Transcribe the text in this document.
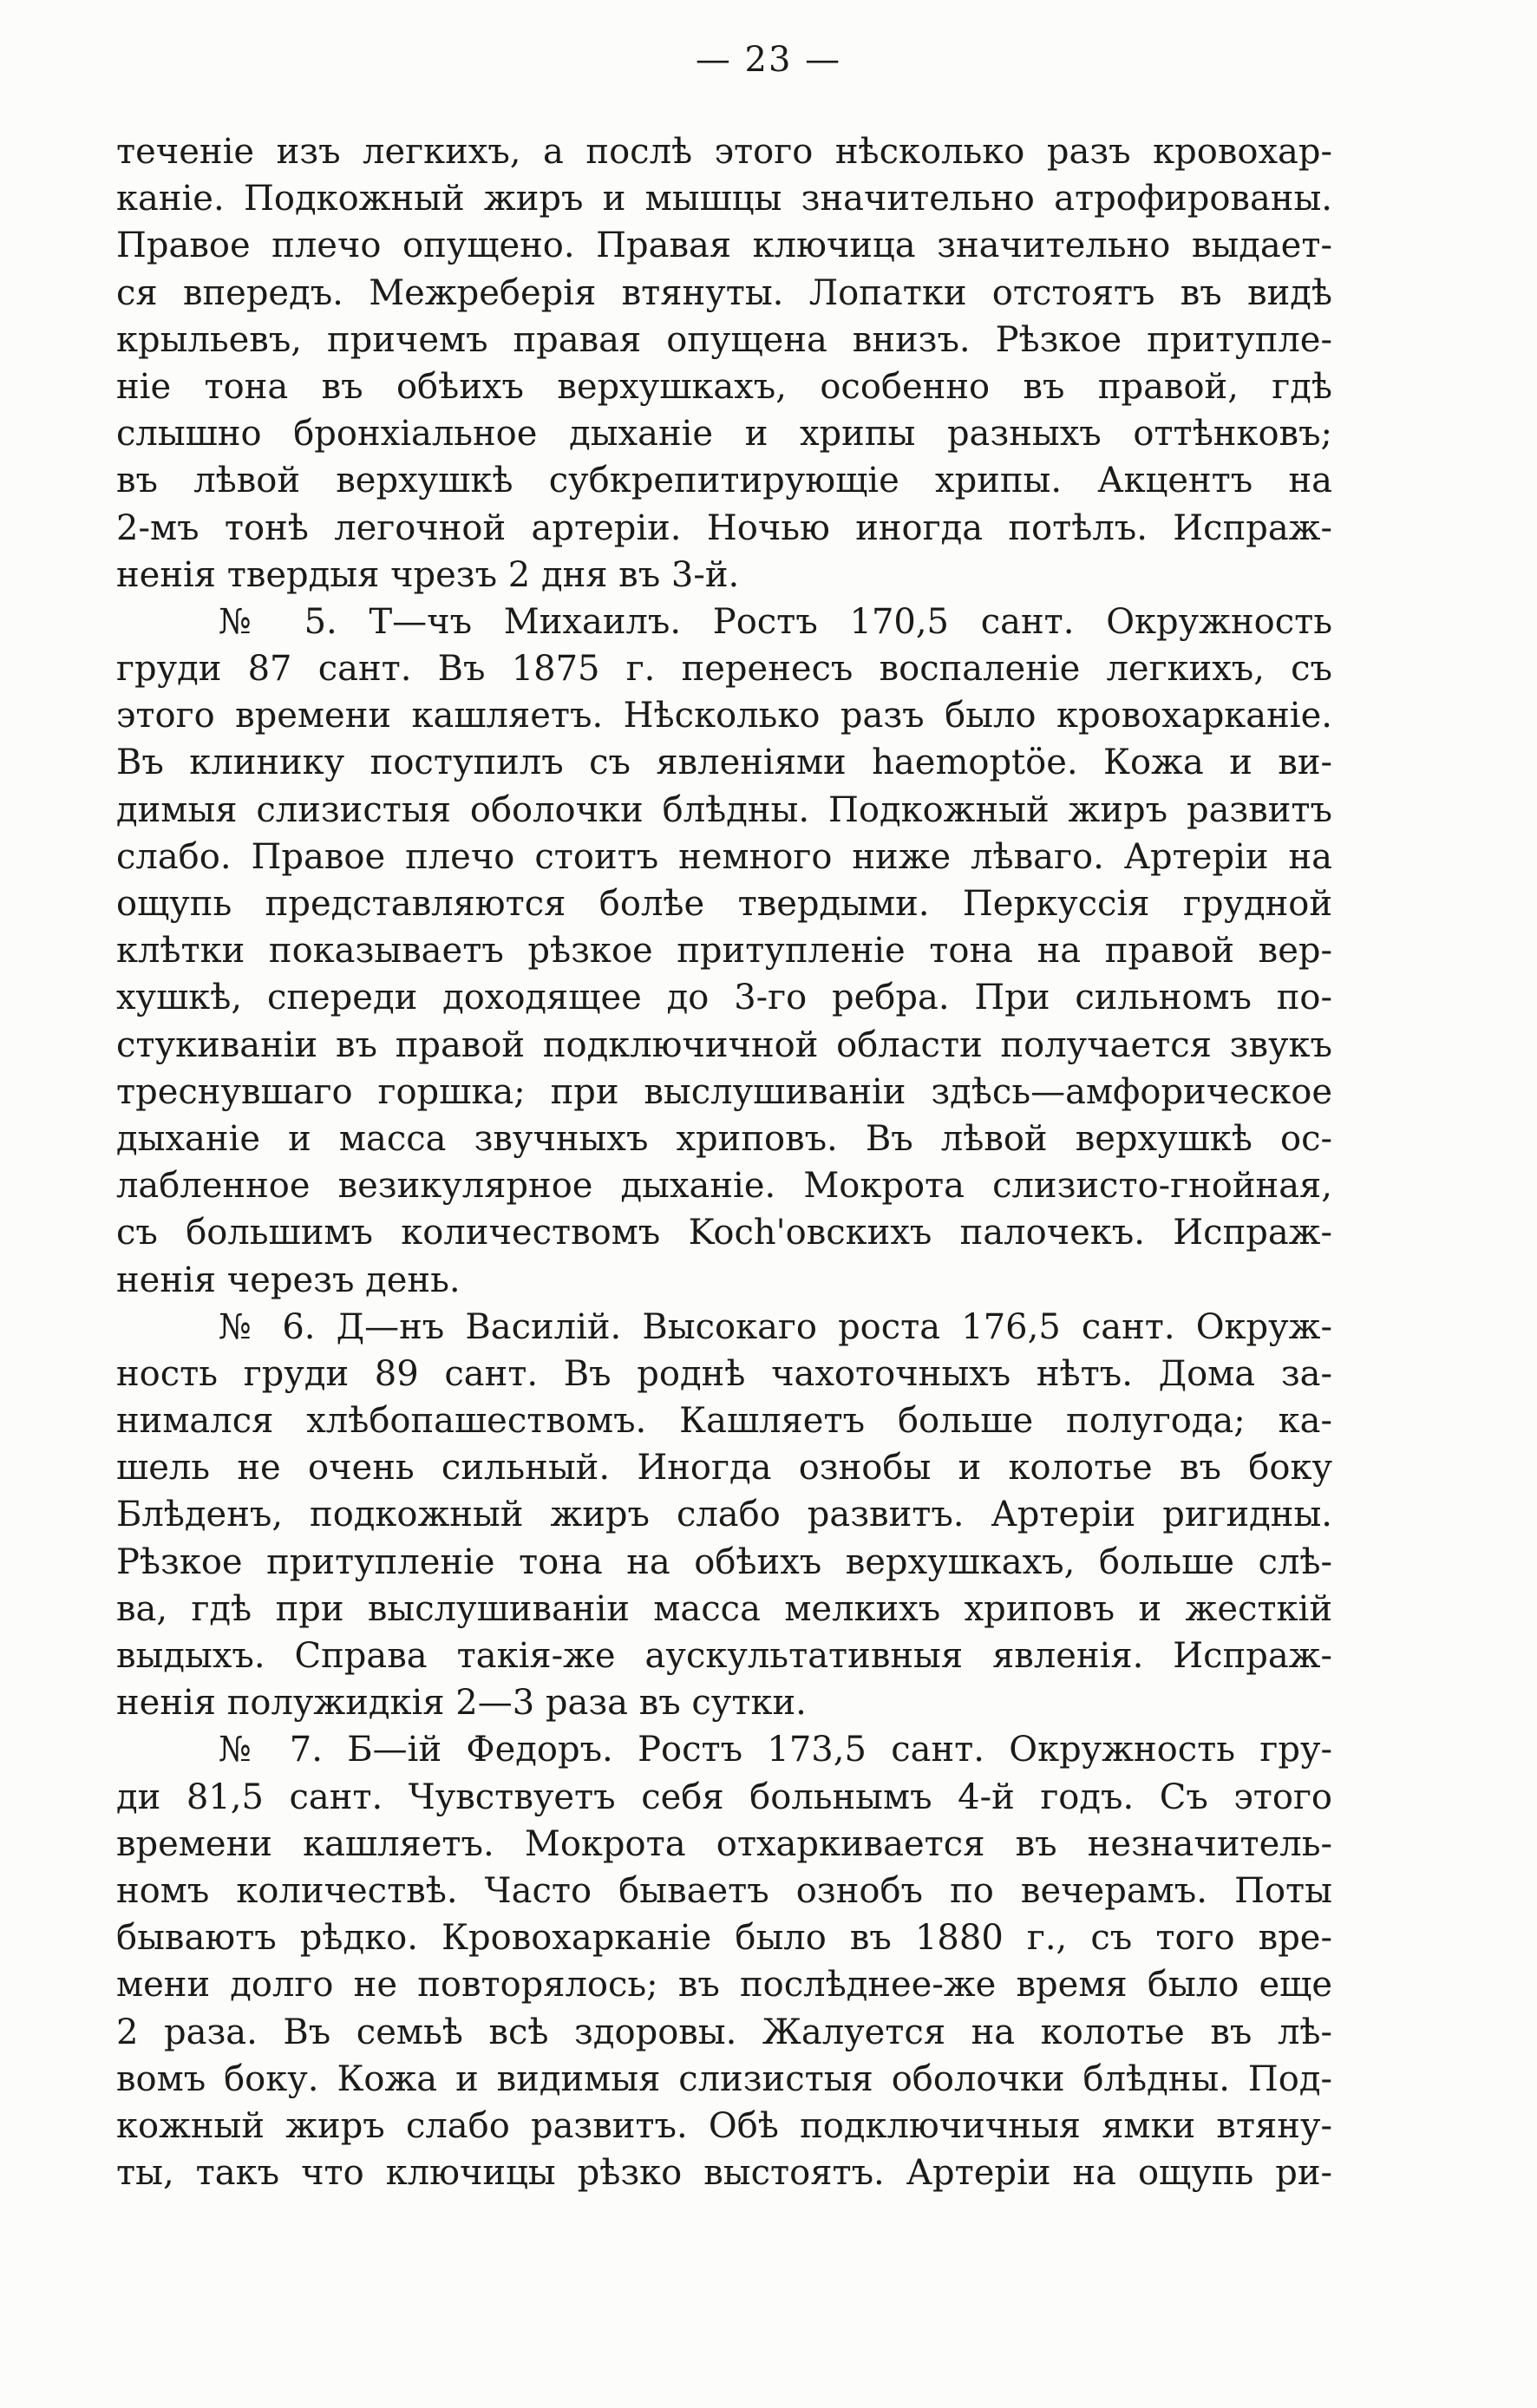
— 23 —
теченіе изъ легкихъ, а послѣ этого нѣсколько разъ кровохар-
каніе. Подкожный жиръ и мышцы значительно атрофированы.
Правое плечо опущено. Правая ключица значительно выдает-
ся впередъ. Межреберія втянуты. Лопатки отстоятъ въ видѣ
крыльевъ, причемъ правая опущена внизъ. Рѣзкое притупле-
ніе тона въ обѣихъ верхушкахъ, особенно въ правой, гдѣ
слышно бронхіальное дыханіе и хрипы разныхъ оттѣнковъ;
въ лѣвой верхушкѣ субкрепитирующіе хрипы. Акцентъ на
2-мъ тонѣ легочной артеріи. Ночью иногда потѣлъ. Испраж-
ненія твердыя чрезъ 2 дня въ 3-й.
№ 5. Т—чъ Михаилъ. Ростъ 170,5 сант. Окружность
груди 87 сант. Въ 1875 г. перенесъ воспаленіе легкихъ, съ
этого времени кашляетъ. Нѣсколько разъ было кровохарканіе.
Въ клинику поступилъ съ явленіями haemoptöe. Кожа и ви-
димыя слизистыя оболочки блѣдны. Подкожный жиръ развитъ
слабо. Правое плечо стоитъ немного ниже лѣваго. Артеріи на
ощупь представляются болѣе твердыми. Перкуссія грудной
клѣтки показываетъ рѣзкое притупленіе тона на правой вер-
хушкѣ, спереди доходящее до 3-го ребра. При сильномъ по-
стукиваніи въ правой подключичной области получается звукъ
треснувшаго горшка; при выслушиваніи здѣсь—амфорическое
дыханіе и масса звучныхъ хриповъ. Въ лѣвой верхушкѣ ос-
лабленное везикулярное дыханіе. Мокрота слизисто-гнойная,
съ большимъ количествомъ Koch'овскихъ палочекъ. Испраж-
ненія черезъ день.
№ 6. Д—нъ Василій. Высокаго роста 176,5 сант. Окруж-
ность груди 89 сант. Въ роднѣ чахоточныхъ нѣтъ. Дома за-
нимался хлѣбопашествомъ. Кашляетъ больше полугода; ка-
шель не очень сильный. Иногда ознобы и колотье въ боку
Блѣденъ, подкожный жиръ слабо развитъ. Артеріи ригидны.
Рѣзкое притупленіе тона на обѣихъ верхушкахъ, больше слѣ-
ва, гдѣ при выслушиваніи масса мелкихъ хриповъ и жесткій
выдыхъ. Справа такія-же аускультативныя явленія. Испраж-
ненія полужидкія 2—3 раза въ сутки.
№ 7. Б—ій Федоръ. Ростъ 173,5 сант. Окружность гру-
ди 81,5 сант. Чувствуетъ себя больнымъ 4-й годъ. Съ этого
времени кашляетъ. Мокрота отхаркивается въ незначитель-
номъ количествѣ. Часто бываетъ ознобъ по вечерамъ. Поты
бываютъ рѣдко. Кровохарканіе было въ 1880 г., съ того вре-
мени долго не повторялось; въ послѣднее-же время было еще
2 раза. Въ семьѣ всѣ здоровы. Жалуется на колотье въ лѣ-
вомъ боку. Кожа и видимыя слизистыя оболочки блѣдны. Под-
кожный жиръ слабо развитъ. Обѣ подключичныя ямки втяну-
ты, такъ что ключицы рѣзко выстоятъ. Артеріи на ощупь ри-
